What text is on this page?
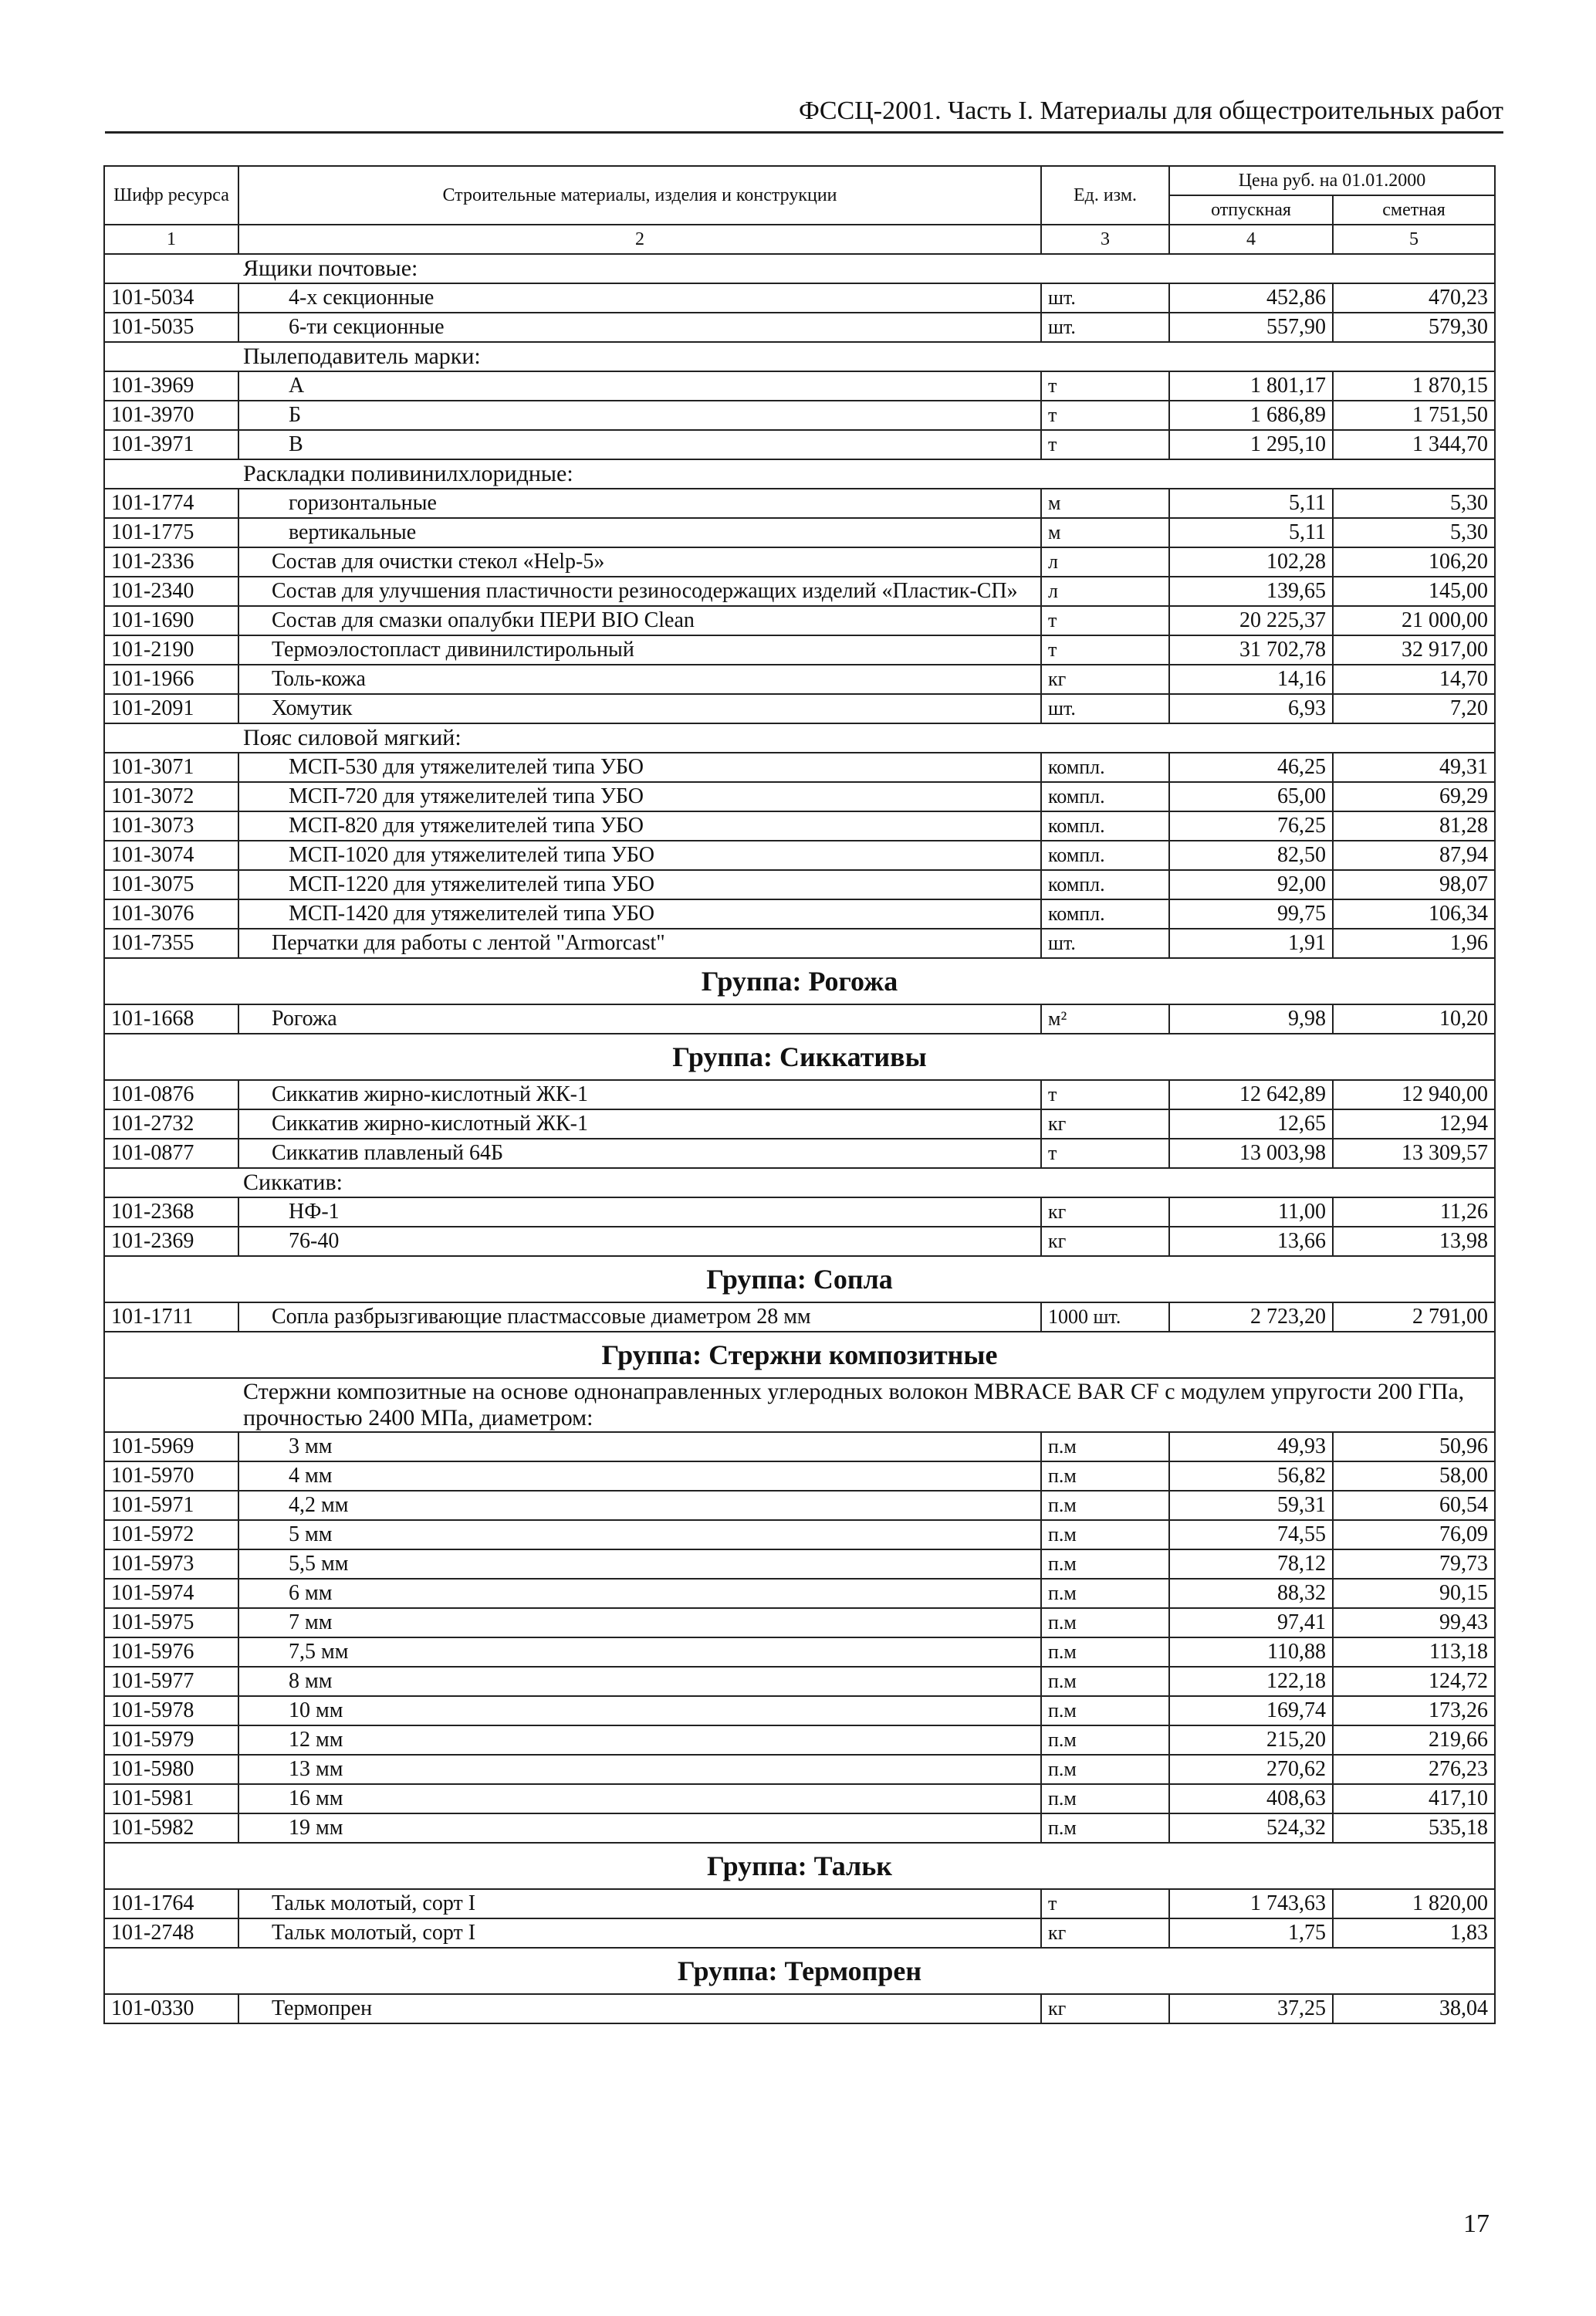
ФССЦ-2001. Часть I. Материалы для общестроительных работ
Шифр ресурса	Строительные материалы, изделия и конструкции	Ед. изм.	Цена руб. на 01.01.2000	
			отпускная	сметная
1	2	3	4	5
	Ящики почтовые:			
101-5034	4-х секционные	шт.	452,86	470,23
101-5035	6-ти секционные	шт.	557,90	579,30
	Пылеподавитель марки:			
101-3969	А	т	1 801,17	1 870,15
101-3970	Б	т	1 686,89	1 751,50
101-3971	В	т	1 295,10	1 344,70
	Раскладки поливинилхлоридные:			
101-1774	горизонтальные	м	5,11	5,30
101-1775	вертикальные	м	5,11	5,30
101-2336	Состав для очистки стекол «Help-5»	л	102,28	106,20
101-2340	Состав для улучшения пластичности резиносодержащих изделий «Пластик-СП»	л	139,65	145,00
101-1690	Состав для смазки опалубки ПЕРИ BIO Clean	т	20 225,37	21 000,00
101-2190	Термоэлостопласт дивинилстирольный	т	31 702,78	32 917,00
101-1966	Толь-кожа	кг	14,16	14,70
101-2091	Хомутик	шт.	6,93	7,20
	Пояс силовой мягкий:			
101-3071	МСП-530 для утяжелителей типа УБО	компл.	46,25	49,31
101-3072	МСП-720 для утяжелителей типа УБО	компл.	65,00	69,29
101-3073	МСП-820 для утяжелителей типа УБО	компл.	76,25	81,28
101-3074	МСП-1020 для утяжелителей типа УБО	компл.	82,50	87,94
101-3075	МСП-1220 для утяжелителей типа УБО	компл.	92,00	98,07
101-3076	МСП-1420 для утяжелителей типа УБО	компл.	99,75	106,34
101-7355	Перчатки для работы с лентой "Armorcast"	шт.	1,91	1,96
Группа: Рогожа				
101-1668	Рогожа	м²	9,98	10,20
Группа: Сиккативы				
101-0876	Сиккатив жирно-кислотный ЖК-1	т	12 642,89	12 940,00
101-2732	Сиккатив жирно-кислотный ЖК-1	кг	12,65	12,94
101-0877	Сиккатив плавленый 64Б	т	13 003,98	13 309,57
	Сиккатив:			
101-2368	НФ-1	кг	11,00	11,26
101-2369	76-40	кг	13,66	13,98
Группа: Сопла				
101-1711	Сопла разбрызгивающие пластмассовые диаметром 28 мм	1000 шт.	2 723,20	2 791,00
Группа: Стержни композитные				
	Стержни композитные на основе однонаправленных углеродных волокон MBRACE BAR CF с модулем упругости 200 ГПа, прочностью 2400 МПа, диаметром:			
101-5969	3 мм	п.м	49,93	50,96
101-5970	4 мм	п.м	56,82	58,00
101-5971	4,2 мм	п.м	59,31	60,54
101-5972	5 мм	п.м	74,55	76,09
101-5973	5,5 мм	п.м	78,12	79,73
101-5974	6 мм	п.м	88,32	90,15
101-5975	7 мм	п.м	97,41	99,43
101-5976	7,5 мм	п.м	110,88	113,18
101-5977	8 мм	п.м	122,18	124,72
101-5978	10 мм	п.м	169,74	173,26
101-5979	12 мм	п.м	215,20	219,66
101-5980	13 мм	п.м	270,62	276,23
101-5981	16 мм	п.м	408,63	417,10
101-5982	19 мм	п.м	524,32	535,18
Группа: Тальк				
101-1764	Тальк молотый, сорт I	т	1 743,63	1 820,00
101-2748	Тальк молотый, сорт I	кг	1,75	1,83
Группа: Термопрен				
101-0330	Термопрен	кг	37,25	38,04
17
